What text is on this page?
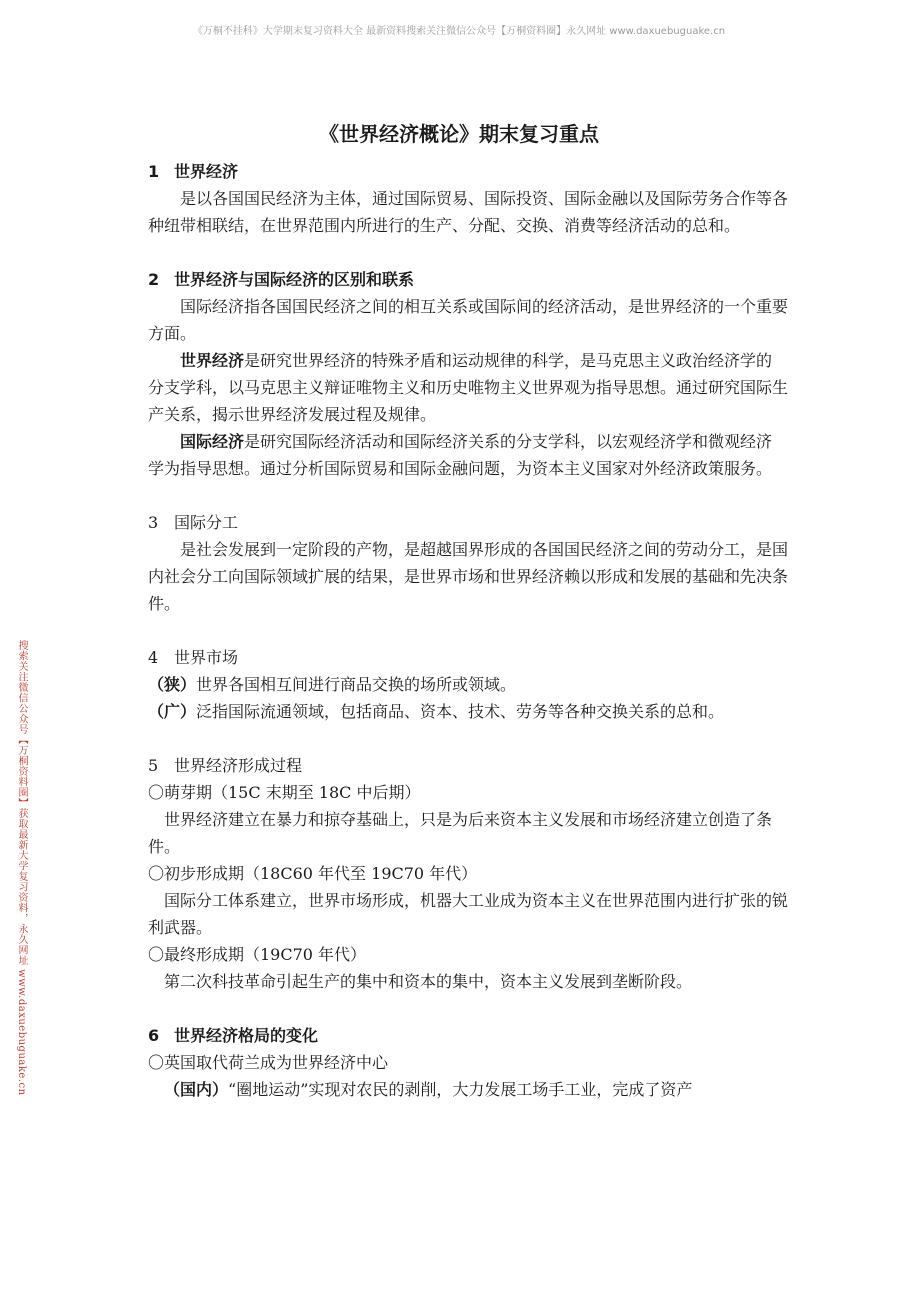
《万桐不挂科》大学期末复习资料大全 最新资料搜索关注微信公众号【万桐资料圈】永久网址 www.daxuebuguake.cn
搜索关注微信公众号【万桐资料圈】获取最新大学复习资料，永久网址 www.daxuebuguake.cn
《世界经济概论》期末复习重点
1 世界经济

是以各国国民经济为主体，通过国际贸易、国际投资、国际金融以及国际劳务合作等各种纽带相联结，在世界范围内所进行的生产、分配、交换、消费等经济活动的总和。

2 世界经济与国际经济的区别和联系

国际经济指各国国民经济之间的相互关系或国际间的经济活动，是世界经济的一个重要方面。

世界经济是研究世界经济的特殊矛盾和运动规律的科学，是马克思主义政治经济学的分支学科，以马克思主义辩证唯物主义和历史唯物主义世界观为指导思想。通过研究国际生产关系，揭示世界经济发展过程及规律。

国际经济是研究国际经济活动和国际经济关系的分支学科，以宏观经济学和微观经济学为指导思想。通过分析国际贸易和国际金融问题，为资本主义国家对外经济政策服务。

3 国际分工

是社会发展到一定阶段的产物，是超越国界形成的各国国民经济之间的劳动分工，是国内社会分工向国际领域扩展的结果，是世界市场和世界经济赖以形成和发展的基础和先决条件。

4 世界市场

（狭）世界各国相互间进行商品交换的场所或领域。

（广）泛指国际流通领域，包括商品、资本、技术、劳务等各种交换关系的总和。

5 世界经济形成过程

〇萌芽期（15C 末期至 18C 中后期）

世界经济建立在暴力和掠夺基础上，只是为后来资本主义发展和市场经济建立创造了条件。

〇初步形成期（18C60 年代至 19C70 年代）

国际分工体系建立，世界市场形成，机器大工业成为资本主义在世界范围内进行扩张的锐利武器。

〇最终形成期（19C70 年代）

第二次科技革命引起生产的集中和资本的集中，资本主义发展到垄断阶段。

6 世界经济格局的变化

〇英国取代荷兰成为世界经济中心

（国内）“圈地运动”实现对农民的剥削，大力发展工场手工业，完成了资产
